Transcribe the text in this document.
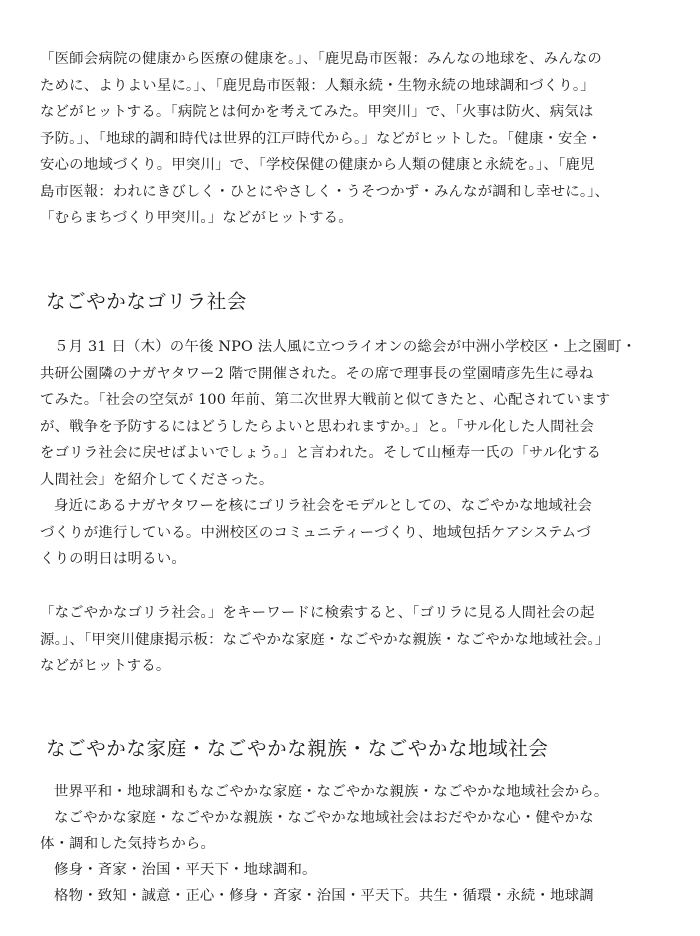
「医師会病院の健康から医療の健康を。」、「鹿児島市医報：みんなの地球を、みんなの

ために、よりよい星に。」、「鹿児島市医報：人類永続・生物永続の地球調和づくり。」

などがヒットする。「病院とは何かを考えてみた。甲突川」で、「火事は防火、病気は

予防。」、「地球的調和時代は世界的江戸時代から。」などがヒットした。「健康・安全・

安心の地域づくり。甲突川」で、「学校保健の健康から人類の健康と永続を。」、「鹿児

島市医報：われにきびしく・ひとにやさしく・うそつかず・みんなが調和し幸せに。」、

「むらまちづくり甲突川。」などがヒットする。

なごやかなゴリラ社会

５月 31 日（木）の午後 NPO 法人風に立つライオンの総会が中洲小学校区・上之園町・

共研公園隣のナガヤタワー2 階で開催された。その席で理事長の堂園晴彦先生に尋ね

てみた。「社会の空気が 100 年前、第二次世界大戦前と似てきたと、心配されています

が、戦争を予防するにはどうしたらよいと思われますか。」と。「サル化した人間社会

をゴリラ社会に戻せばよいでしょう。」と言われた。そして山極寿一氏の「サル化する

人間社会」を紹介してくださった。

身近にあるナガヤタワーを核にゴリラ社会をモデルとしての、なごやかな地域社会

づくりが進行している。中洲校区のコミュニティーづくり、地域包括ケアシステムづ

くりの明日は明るい。

「なごやかなゴリラ社会。」をキーワードに検索すると、「ゴリラに見る人間社会の起

源。」、「甲突川健康掲示板：なごやかな家庭・なごやかな親族・なごやかな地域社会。」

などがヒットする。

なごやかな家庭・なごやかな親族・なごやかな地域社会

世界平和・地球調和もなごやかな家庭・なごやかな親族・なごやかな地域社会から。

なごやかな家庭・なごやかな親族・なごやかな地域社会はおだやかな心・健やかな

体・調和した気持ちから。

修身・斉家・治国・平天下・地球調和。

格物・致知・誠意・正心・修身・斉家・治国・平天下。共生・循環・永続・地球調
